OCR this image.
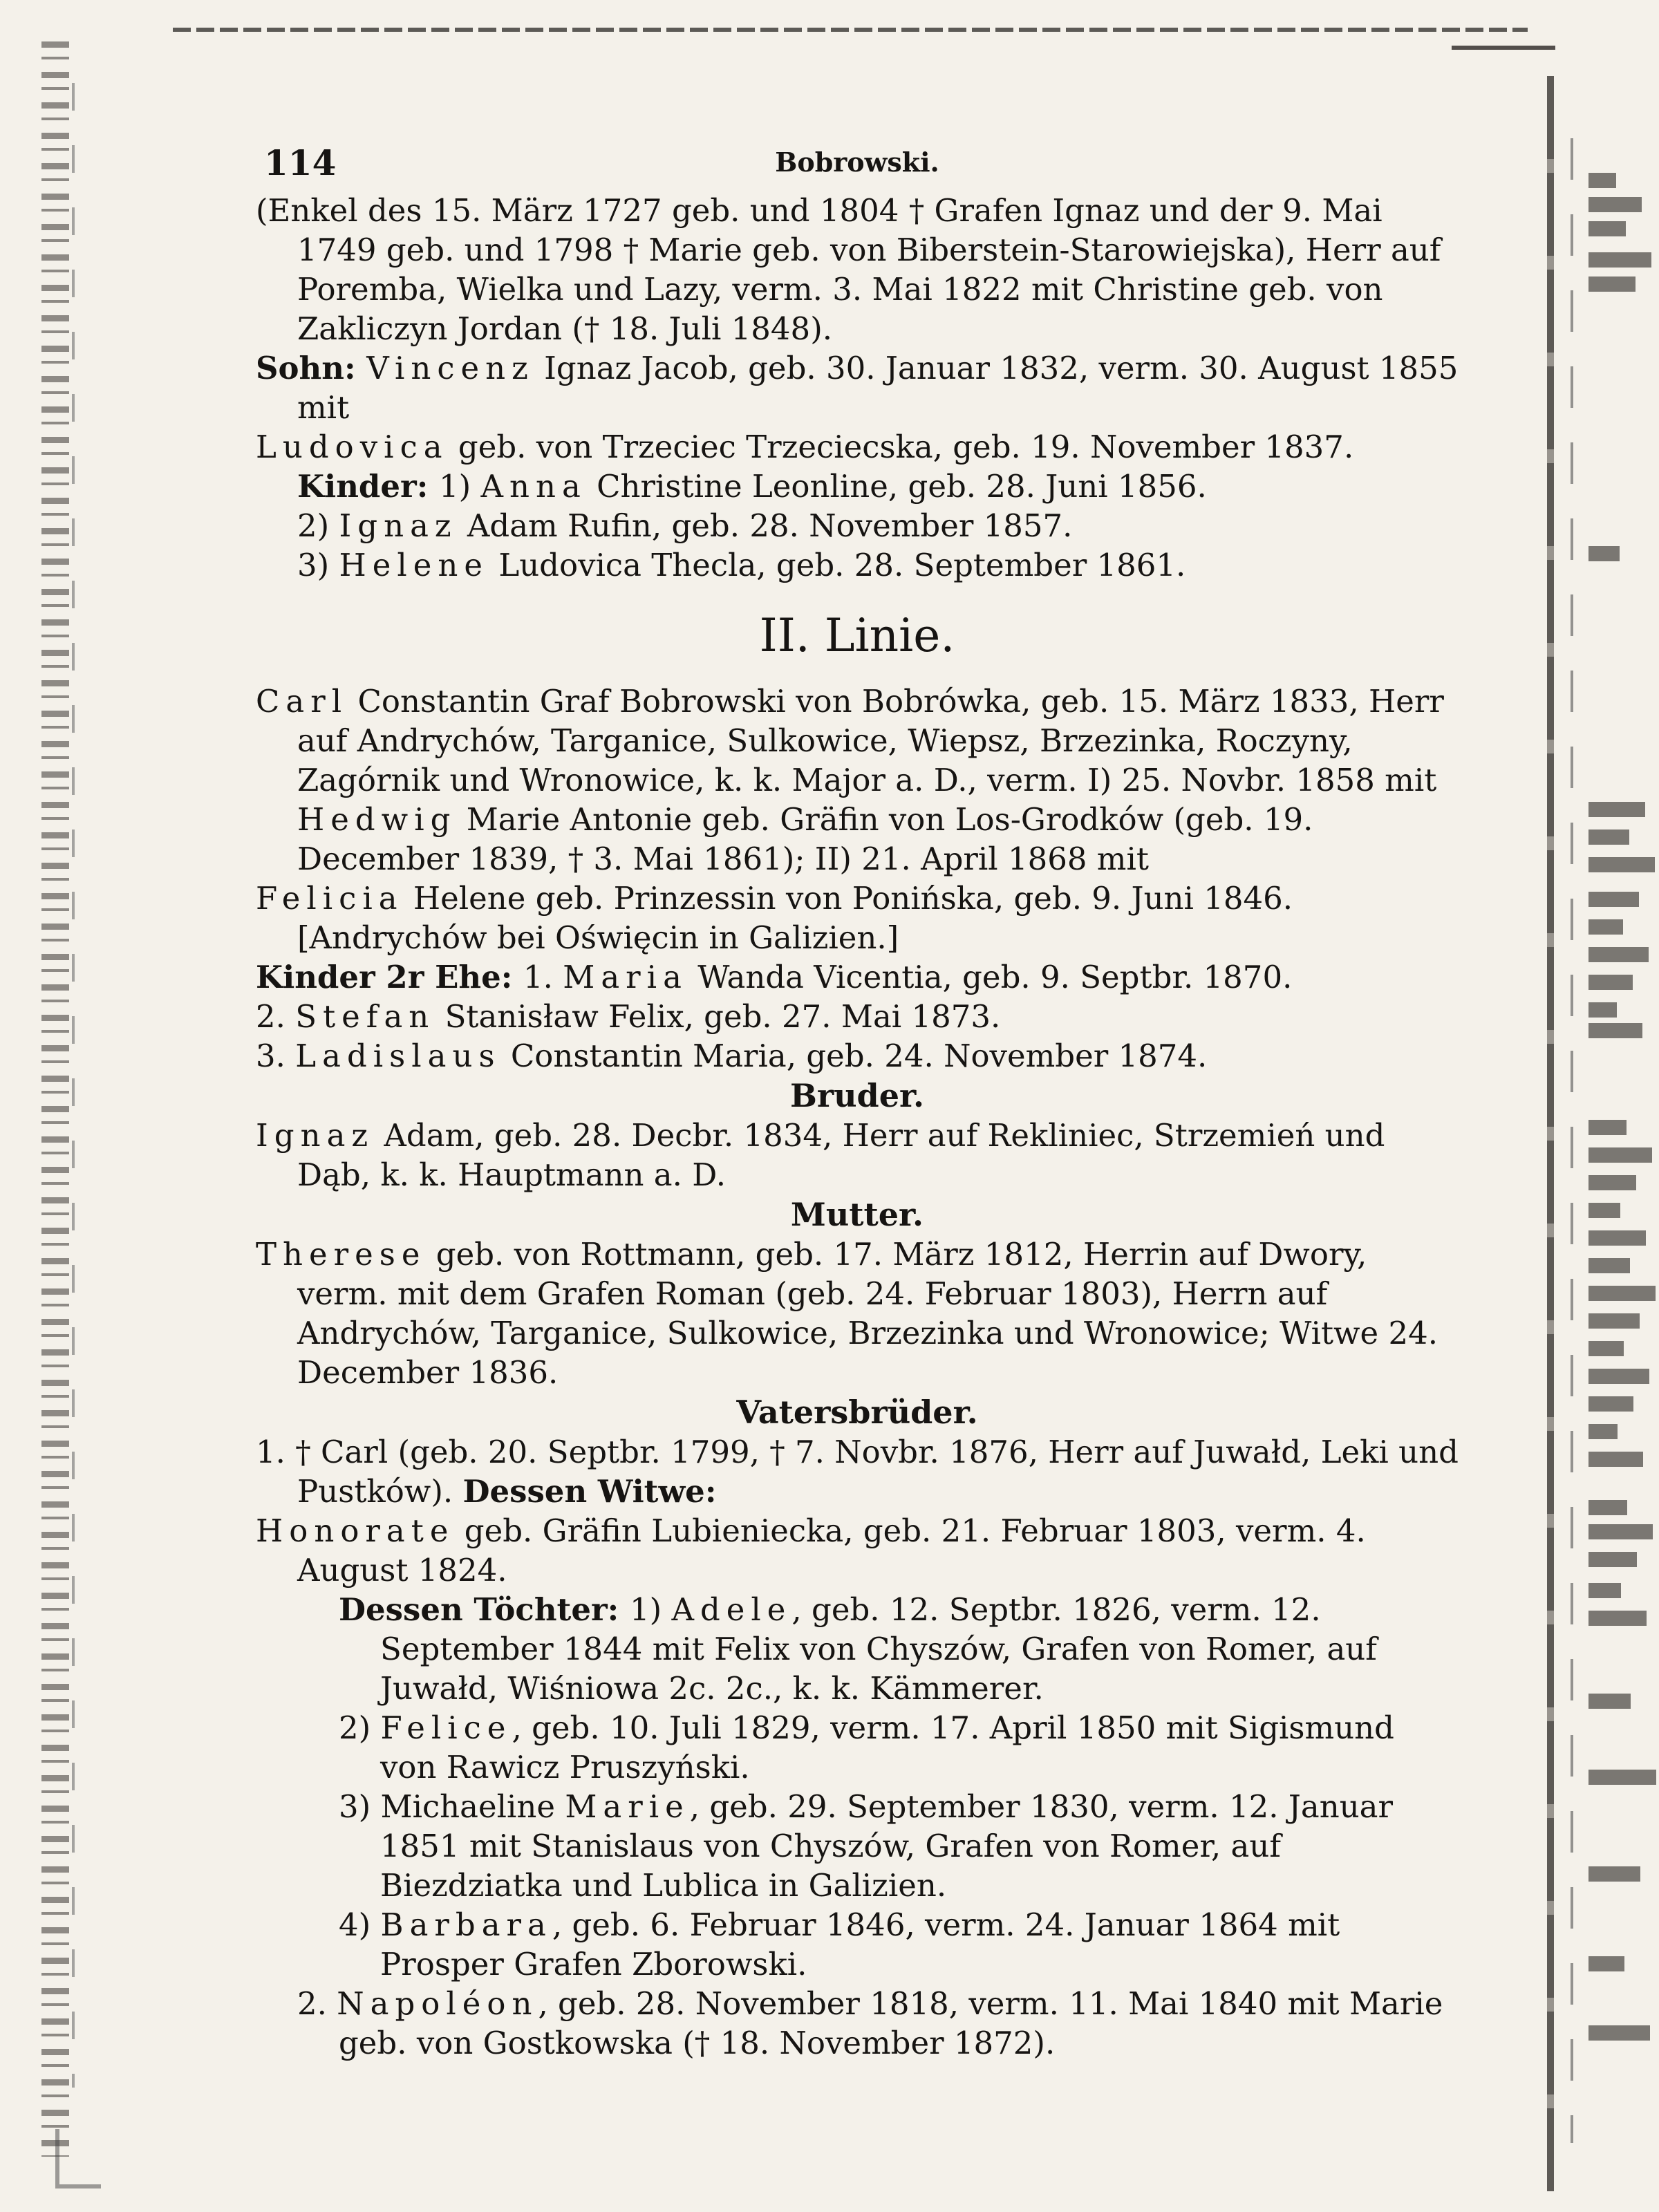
114	Bobrowski.

(Enkel des 15. März 1727 geb. und 1804 † Grafen Ignaz und der 9. Mai 1749 geb. und 1798 † Marie geb. von Biberstein-Starowiejska), Herr auf Poremba, Wielka und Lazy, verm. 3. Mai 1822 mit Christine geb. von Zakliczyn Jordan († 18. Juli 1848).

Sohn: Vincenz Ignaz Jacob, geb. 30. Januar 1832, verm. 30. August 1855 mit

Ludovica geb. von Trzeciec Trzeciecska, geb. 19. November 1837.

Kinder: 1) Anna Christine Leonline, geb. 28. Juni 1856.

2) Ignaz Adam Rufin, geb. 28. November 1857.

3) Helene Ludovica Thecla, geb. 28. September 1861.

II. Linie.

Carl Constantin Graf Bobrowski von Bobrówka, geb. 15. März 1833, Herr auf Andrychów, Targanice, Sulkowice, Wiepsz, Brzezinka, Roczyny, Zagórnik und Wronowice, k. k. Major a. D., verm. I) 25. Novbr. 1858 mit Hedwig Marie Antonie geb. Gräfin von Los-Grodków (geb. 19. December 1839, † 3. Mai 1861); II) 21. April 1868 mit

Felicia Helene geb. Prinzessin von Ponińska, geb. 9. Juni 1846. [Andrychów bei Oświęcin in Galizien.]

Kinder 2r Ehe: 1. Maria Wanda Vicentia, geb. 9. Septbr. 1870.

2. Stefan Stanisław Felix, geb. 27. Mai 1873.

3. Ladislaus Constantin Maria, geb. 24. November 1874.

Bruder.

Ignaz Adam, geb. 28. Decbr. 1834, Herr auf Rekliniec, Strzemień und Dąb, k. k. Hauptmann a. D.

Mutter.

Therese geb. von Rottmann, geb. 17. März 1812, Herrin auf Dwory, verm. mit dem Grafen Roman (geb. 24. Februar 1803), Herrn auf Andrychów, Targanice, Sulkowice, Brzezinka und Wronowice; Witwe 24. December 1836.

Vatersbrüder.

1. † Carl (geb. 20. Septbr. 1799, † 7. Novbr. 1876, Herr auf Juwałd, Leki und Pustków). Dessen Witwe:

Honorate geb. Gräfin Lubieniecka, geb. 21. Februar 1803, verm. 4. August 1824.

Dessen Töchter: 1) Adele, geb. 12. Septbr. 1826, verm. 12. September 1844 mit Felix von Chyszów, Grafen von Romer, auf Juwałd, Wiśniowa 2c. 2c., k. k. Kämmerer.

2) Felice, geb. 10. Juli 1829, verm. 17. April 1850 mit Sigismund von Rawicz Pruszyński.

3) Michaeline Marie, geb. 29. September 1830, verm. 12. Januar 1851 mit Stanislaus von Chyszów, Grafen von Romer, auf Biezdziatka und Lublica in Galizien.

4) Barbara, geb. 6. Februar 1846, verm. 24. Januar 1864 mit Prosper Grafen Zborowski.

2. Napoléon, geb. 28. November 1818, verm. 11. Mai 1840 mit Marie geb. von Gostkowska († 18. November 1872).
